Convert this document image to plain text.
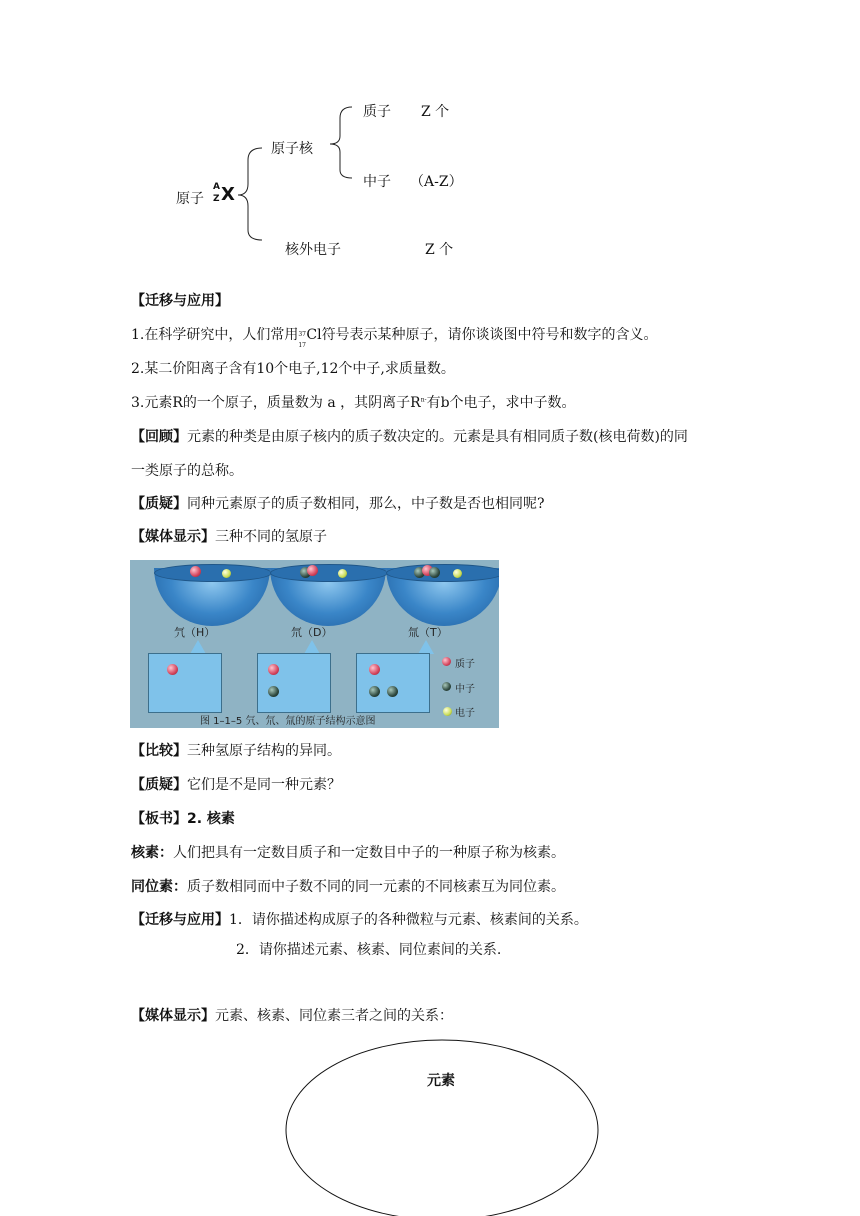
原子
A
Z X
原子核
质子 Z 个
中子 （A-Z）
核外电子	Z 个
【迁移与应用】
1.在科学研究中，人们常用 37
17
Cl符号表示某种原子，请你谈谈图中符号和数字的含义。
2.某二价阳离子含有10个电子,12个中子,求质量数。
3.元素R的一个原子，质量数为 a ，其阴离子$R^{n-}$有b个电子，求中子数。
【回顾】元素的种类是由原子核内的质子数决定的。元素是具有相同质子数(核电荷数)的同
一类原子的总称。
【质疑】同种元素原子的质子数相同，那么，中子数是否也相同呢?
【媒体显示】三种不同的氢原子
氕（H）	氘（D）	氚（T）
质子
中子
电子
图 1–1–5 氕、氘、氚的原子结构示意图
【比较】三种氢原子结构的异同。
【质疑】它们是不是同一种元素？
【板书】2. 核素
核素：人们把具有一定数目质子和一定数目中子的一种原子称为核素。
同位素：质子数相同而中子数不同的同一元素的不同核素互为同位素。
【迁移与应用】1．请你描述构成原子的各种微粒与元素、核素间的关系。
2．请你描述元素、核素、同位素间的关系.
【媒体显示】元素、核素、同位素三者之间的关系：
元素
